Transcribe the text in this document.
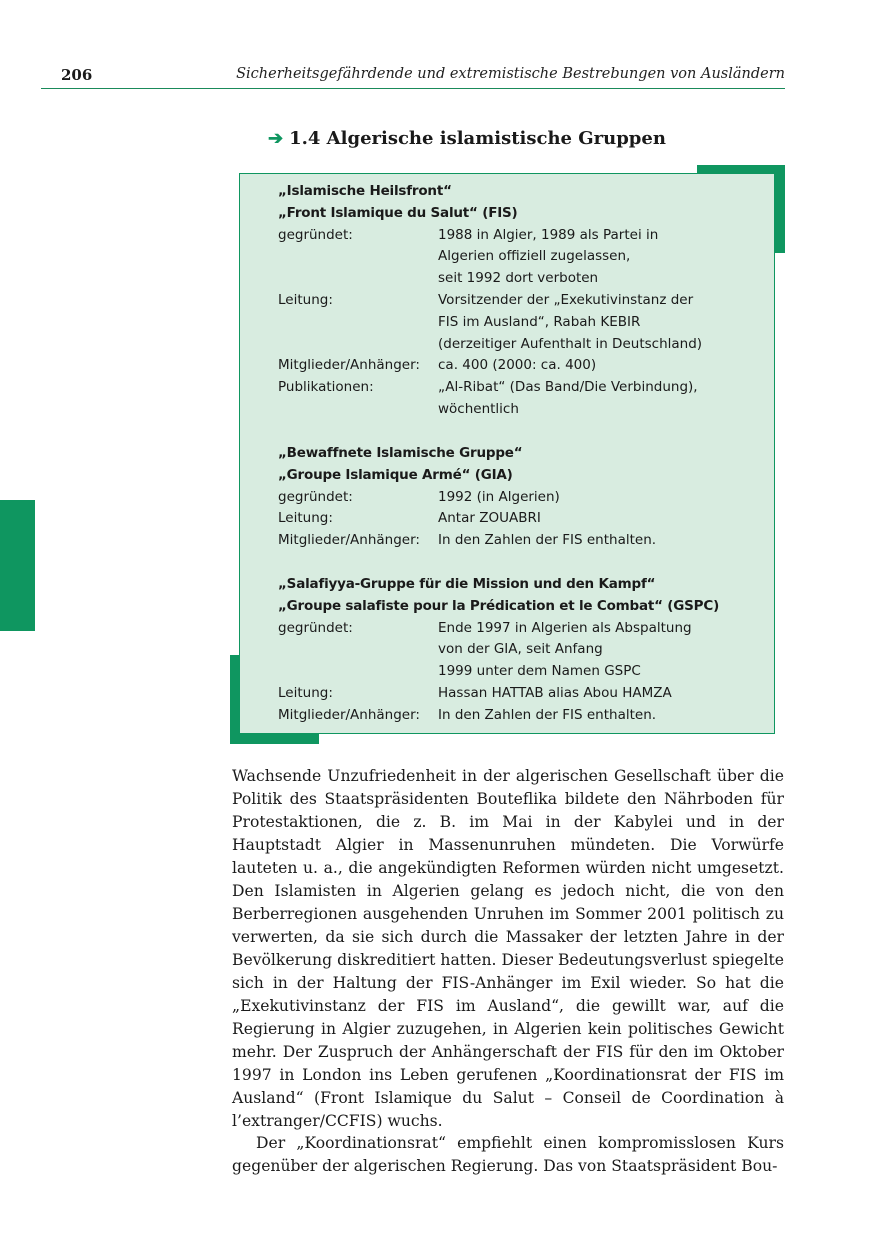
206	Sicherheitsgefährdende und extremistische Bestrebungen von Ausländern
➔ 1.4 Algerische islamistische Gruppen
„Islamische Heilsfront“
„Front Islamique du Salut“ (FIS)
gegründet:	1988 in Algier, 1989 als Partei in
Algerien offiziell zugelassen,
seit 1992 dort verboten
Leitung:	Vorsitzender der „Exekutivinstanz der
FIS im Ausland“, Rabah KEBIR
(derzeitiger Aufenthalt in Deutschland)
Mitglieder/Anhänger:	ca. 400 (2000: ca. 400)
Publikationen:	„Al-Ribat“ (Das Band/Die Verbindung),
wöchentlich
„Bewaffnete Islamische Gruppe“
„Groupe Islamique Armé“ (GIA)
gegründet:	1992 (in Algerien)
Leitung:	Antar ZOUABRI
Mitglieder/Anhänger:	In den Zahlen der FIS enthalten.
„Salafiyya-Gruppe für die Mission und den Kampf“
„Groupe salafiste pour la Prédication et le Combat“ (GSPC)
gegründet:	Ende 1997 in Algerien als Abspaltung
von der GIA, seit Anfang
1999 unter dem Namen GSPC
Leitung:	Hassan HATTAB alias Abou HAMZA
Mitglieder/Anhänger:	In den Zahlen der FIS enthalten.

Wachsende Unzufriedenheit in der algerischen Gesellschaft über die Politik des Staatspräsidenten Bouteflika bildete den Nährboden für Protestaktionen, die z. B. im Mai in der Kabylei und in der Hauptstadt Algier in Massenunruhen mündeten. Die Vorwürfe lauteten u. a., die angekündigten Reformen würden nicht umgesetzt. Den Islamisten in Algerien gelang es jedoch nicht, die von den Berberregionen ausgehenden Unruhen im Sommer 2001 politisch zu verwerten, da sie sich durch die Massaker der letzten Jahre in der Bevölkerung diskreditiert hatten. Dieser Bedeutungsverlust spiegelte sich in der Haltung der FIS-Anhänger im Exil wieder. So hat die „Exekutivinstanz der FIS im Ausland“, die gewillt war, auf die Regierung in Algier zuzugehen, in Algerien kein politisches Gewicht mehr. Der Zuspruch der Anhängerschaft der FIS für den im Oktober 1997 in London ins Leben gerufenen „Koordinationsrat der FIS im Ausland“ (Front Islamique du Salut – Conseil de Coordination à l’extranger/CCFIS) wuchs.

Der „Koordinationsrat“ empfiehlt einen kompromisslosen Kurs gegenüber der algerischen Regierung. Das von Staatspräsident Bou-
